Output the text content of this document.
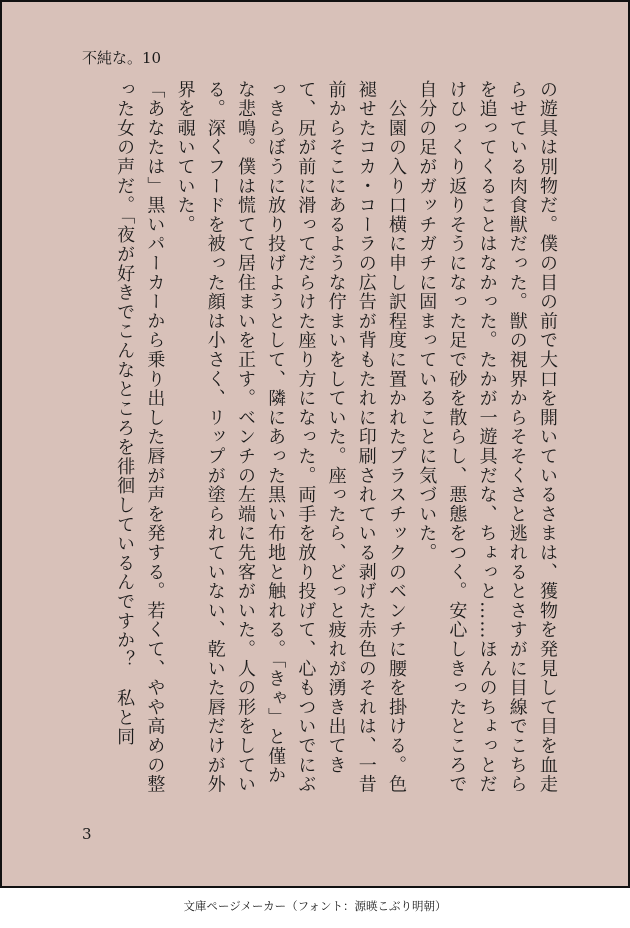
不純な。10

の遊具は別物だ。僕の目の前で大口を開いているさまは、獲物を発見して目を血走らせている肉食獣だった。獣の視界からそそくさと逃れるとさすがに目線でこちらを追ってくることはなかった。たかが一遊具だな、ちょっと……ほんのちょっとだけひっくり返りそうになった足で砂を散らし、悪態をつく。安心しきったところで自分の足がガッチガチに固まっていることに気づいた。

　公園の入り口横に申し訳程度に置かれたプラスチックのベンチに腰を掛ける。色褪せたコカ・コーラの広告が背もたれに印刷されている剥げた赤色のそれは、一昔前からそこにあるような佇まいをしていた。座ったら、どっと疲れが湧き出てきて、尻が前に滑ってだらけた座り方になった。両手を放り投げて、心もついでにぶっきらぼうに放り投げようとして、隣にあった黒い布地と触れる。「きゃ」と僅かな悲鳴。僕は慌てて居住まいを正す。ベンチの左端に先客がいた。人の形をしている。深くフードを被った顔は小さく、リップが塗られていない、乾いた唇だけが外界を覗いていた。

「あなたは」黒いパーカーから乗り出した唇が声を発する。若くて、やや高めの整った女の声だ。「夜が好きでこんなところを徘徊しているんですか？　私と同

3
文庫ページメーカー（フォント：源暎こぶり明朝）
